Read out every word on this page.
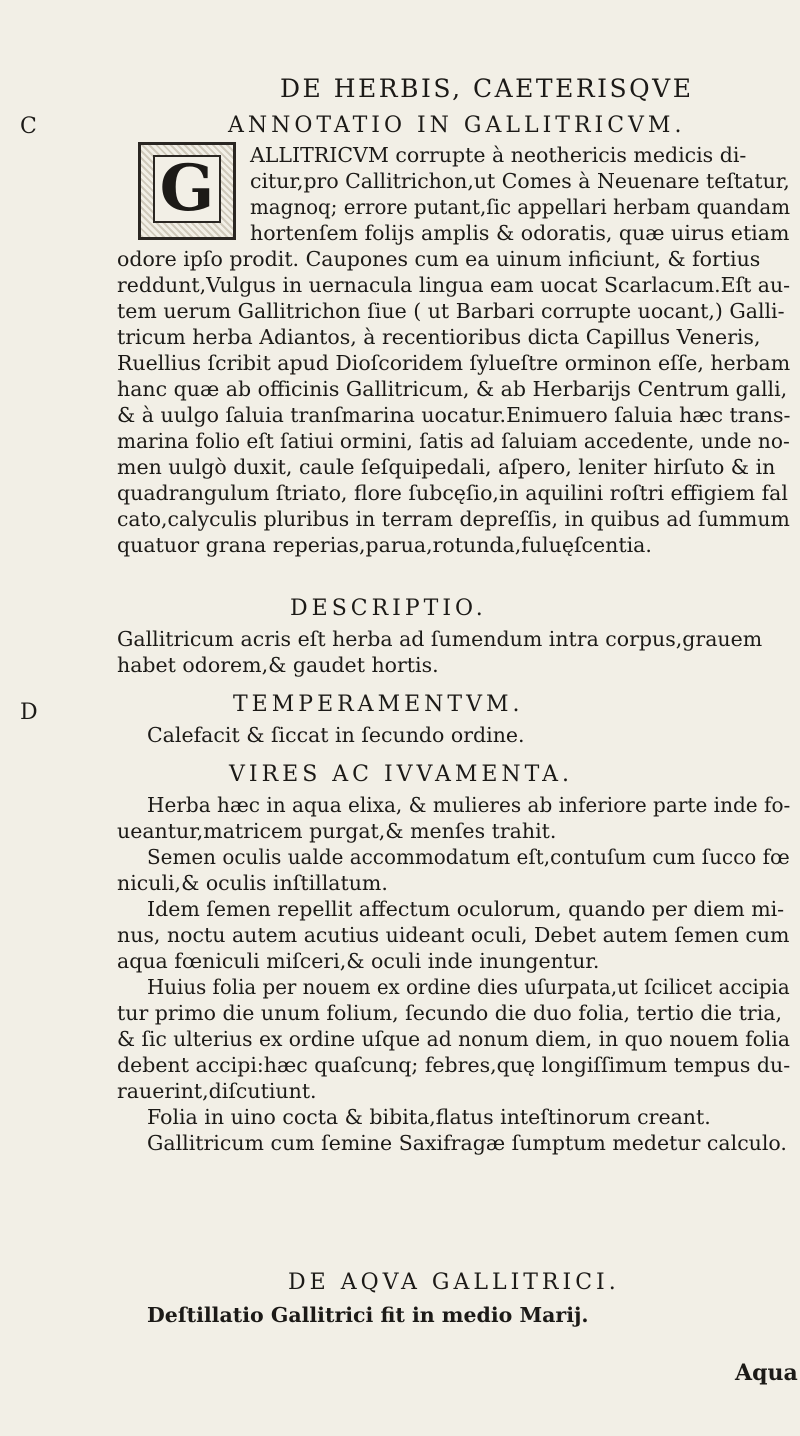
C
D
DE HERBIS, CAETERISQVE
ANNOTATIO IN GALLITRICVM.
G ALLITRICVM corrupte à neothericis medicis di-
citur,pro Callitrichon,ut Comes à Neuenare teſtatur,
magnoq; errore putant,ſic appellari herbam quandam
hortenſem folijs amplis & odoratis, quæ uirus etiam
odore ipſo prodit. Caupones cum ea uinum inficiunt, & fortius
reddunt,Vulgus in uernacula lingua eam uocat Scarlacum.Eſt au-
tem uerum Gallitrichon ſiue ( ut Barbari corrupte uocant,) Galli-
tricum herba Adiantos, à recentioribus dicta Capillus Veneris,
Ruellius ſcribit apud Dioſcoridem ſylueſtre orminon eſſe, herbam
hanc quæ ab officinis Gallitricum, & ab Herbarijs Centrum galli,
& à uulgo ſaluia tranſmarina uocatur.Enimuero ſaluia hæc trans-
marina folio eſt ſatiui ormini, ſatis ad ſaluiam accedente, unde no-
men uulgò duxit, caule ſeſquipedali, aſpero, leniter hirſuto & in
quadrangulum ſtriato, flore ſubcęſio,in aquilini roſtri effigiem fal
cato,calyculis pluribus in terram depreſſis, in quibus ad ſummum
quatuor grana reperias,parua,rotunda,fuluęſcentia.
DESCRIPTIO.
Gallitricum acris eſt herba ad ſumendum intra corpus,grauem
habet odorem,& gaudet hortis.
TEMPERAMENTVM.
Calefacit & ſiccat in ſecundo ordine.
VIRES AC IVVAMENTA.
Herba hæc in aqua elixa, & mulieres ab inferiore parte inde fo-
ueantur,matricem purgat,& menſes trahit.
Semen oculis ualde accommodatum eſt,contuſum cum ſucco fœ
niculi,& oculis inſtillatum.
Idem ſemen repellit affectum oculorum, quando per diem mi-
nus, noctu autem acutius uideant oculi, Debet autem ſemen cum
aqua fœniculi miſceri,& oculi inde inungentur.
Huius folia per nouem ex ordine dies uſurpata,ut ſcilicet accipia
tur primo die unum folium, ſecundo die duo folia, tertio die tria,
& ſic ulterius ex ordine uſque ad nonum diem, in quo nouem folia
debent accipi:hæc quaſcunq; febres,quę longiſſimum tempus du-
rauerint,diſcutiunt.
Folia in uino cocta & bibita,flatus inteſtinorum creant.
Gallitricum cum ſemine Saxifragæ ſumptum medetur calculo.
DE AQVA GALLITRICI.
Deſtillatio Gallitrici fit in medio Marij.
Aqua
